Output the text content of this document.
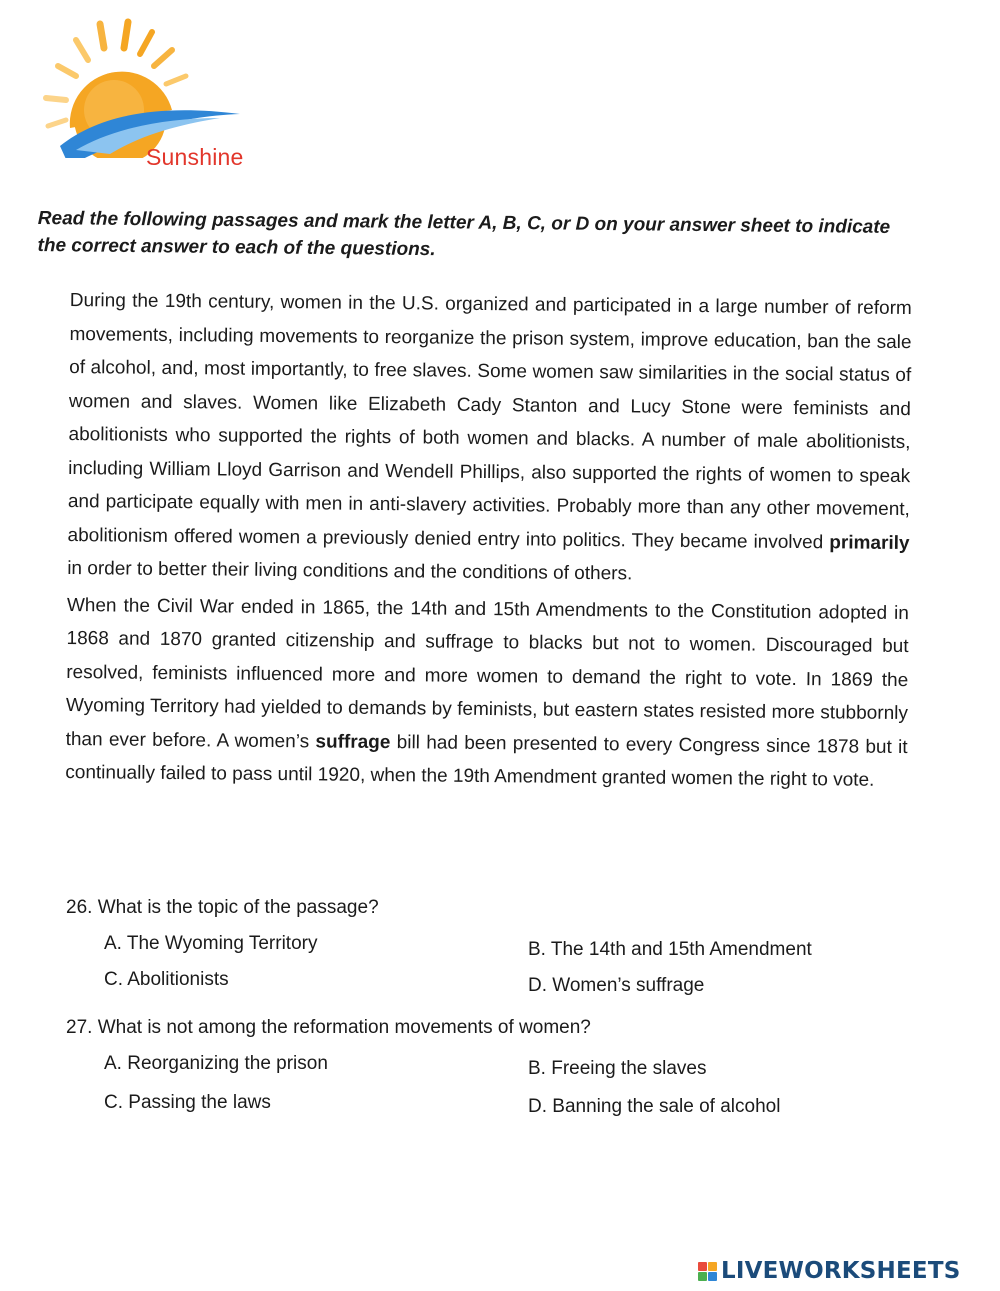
Sunshine
Read the following passages and mark the letter A, B, C, or D on your answer sheet to indicate the correct answer to each of the questions.

During the 19th century, women in the U.S. organized and participated in a large number of reform movements, including movements to reorganize the prison system, improve education, ban the sale of alcohol, and, most importantly, to free slaves. Some women saw similarities in the social status of women and slaves. Women like Elizabeth Cady Stanton and Lucy Stone were feminists and abolitionists who supported the rights of both women and blacks. A number of male abolitionists, including William Lloyd Garrison and Wendell Phillips, also supported the rights of women to speak and participate equally with men in anti-slavery activities. Probably more than any other movement, abolitionism offered women a previously denied entry into politics. They became involved primarily in order to better their living conditions and the conditions of others.

When the Civil War ended in 1865, the 14th and 15th Amendments to the Constitution adopted in 1868 and 1870 granted citizenship and suffrage to blacks but not to women. Discouraged but resolved, feminists influenced more and more women to demand the right to vote. In 1869 the Wyoming Territory had yielded to demands by feminists, but eastern states resisted more stubbornly than ever before. A women’s suffrage bill had been presented to every Congress since 1878 but it continually failed to pass until 1920, when the 19th Amendment granted women the right to vote.

26. What is the topic of the passage?
A. The Wyoming Territory	B. The 14th and 15th Amendment
C. Abolitionists	D. Women’s suffrage
27. What is not among the reformation movements of women?
A. Reorganizing the prison	B. Freeing the slaves
C. Passing the laws	D. Banning the sale of alcohol
LIVEWORKSHEETS
